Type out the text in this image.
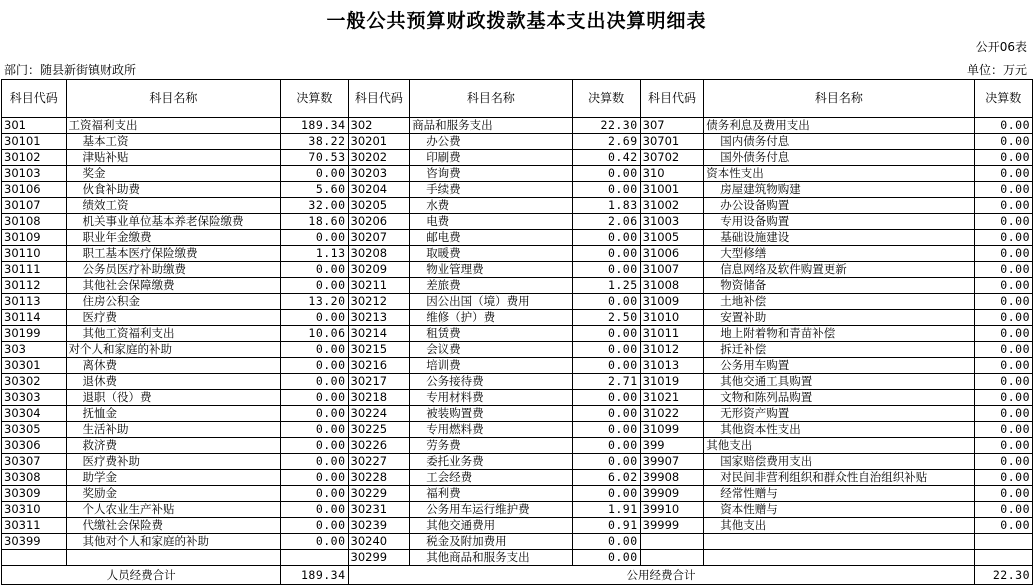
一般公共预算财政拨款基本支出决算明细表
公开06表
部门：随县新街镇财政所	单位：万元
科目代码	科目名称	决算数	科目代码	科目名称	决算数	科目代码	科目名称	决算数
301	工资福利支出	189.34	302	商品和服务支出	22.30	307	债务利息及费用支出	0.00
30101	基本工资	38.22	30201	办公费	2.69	30701	国内债务付息	0.00
30102	津贴补贴	70.53	30202	印刷费	0.42	30702	国外债务付息	0.00
30103	奖金	0.00	30203	咨询费	0.00	310	资本性支出	0.00
30106	伙食补助费	5.60	30204	手续费	0.00	31001	房屋建筑物购建	0.00
30107	绩效工资	32.00	30205	水费	1.83	31002	办公设备购置	0.00
30108	机关事业单位基本养老保险缴费	18.60	30206	电费	2.06	31003	专用设备购置	0.00
30109	职业年金缴费	0.00	30207	邮电费	0.00	31005	基础设施建设	0.00
30110	职工基本医疗保险缴费	1.13	30208	取暖费	0.00	31006	大型修缮	0.00
30111	公务员医疗补助缴费	0.00	30209	物业管理费	0.00	31007	信息网络及软件购置更新	0.00
30112	其他社会保障缴费	0.00	30211	差旅费	1.25	31008	物资储备	0.00
30113	住房公积金	13.20	30212	因公出国（境）费用	0.00	31009	土地补偿	0.00
30114	医疗费	0.00	30213	维修（护）费	2.50	31010	安置补助	0.00
30199	其他工资福利支出	10.06	30214	租赁费	0.00	31011	地上附着物和青苗补偿	0.00
303	对个人和家庭的补助	0.00	30215	会议费	0.00	31012	拆迁补偿	0.00
30301	离休费	0.00	30216	培训费	0.00	31013	公务用车购置	0.00
30302	退休费	0.00	30217	公务接待费	2.71	31019	其他交通工具购置	0.00
30303	退职（役）费	0.00	30218	专用材料费	0.00	31021	文物和陈列品购置	0.00
30304	抚恤金	0.00	30224	被装购置费	0.00	31022	无形资产购置	0.00
30305	生活补助	0.00	30225	专用燃料费	0.00	31099	其他资本性支出	0.00
30306	救济费	0.00	30226	劳务费	0.00	399	其他支出	0.00
30307	医疗费补助	0.00	30227	委托业务费	0.00	39907	国家赔偿费用支出	0.00
30308	助学金	0.00	30228	工会经费	6.02	39908	对民间非营利组织和群众性自治组织补贴	0.00
30309	奖励金	0.00	30229	福利费	0.00	39909	经常性赠与	0.00
30310	个人农业生产补贴	0.00	30231	公务用车运行维护费	1.91	39910	资本性赠与	0.00
30311	代缴社会保险费	0.00	30239	其他交通费用	0.91	39999	其他支出	0.00
30399	其他对个人和家庭的补助	0.00	30240	税金及附加费用	0.00			
			30299	其他商品和服务支出	0.00			
人员经费合计		189.34	公用经费合计					22.30
